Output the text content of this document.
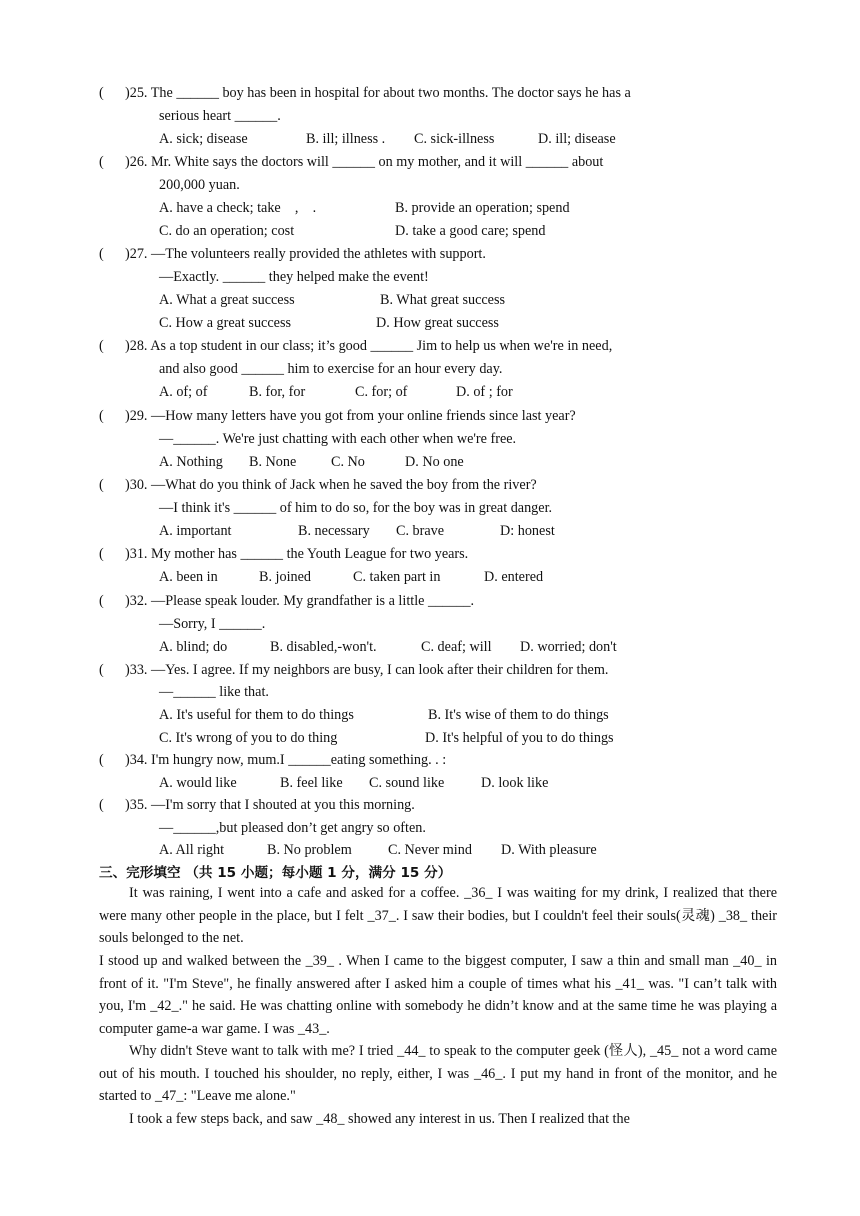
(      )25. The ______ boy has been in hospital for about two months. The doctor says he has a
serious heart ______.
A. sick; disease	B. ill; illness . C. sick-illness	D. ill; disease
(      )26. Mr. White says the doctors will ______ on my mother, and it will ______ about
200,000 yuan.
A. have a check; take    ,    .	B. provide an operation; spend
C. do an operation; cost	D. take a good care; spend
(      )27. —The volunteers really provided the athletes with support.
—Exactly. ______ they helped make the event!
A. What a great success	B. What great success
C. How a great success	D. How great success
(      )28. As a top student in our class; it’s good ______ Jim to help us when we're in need,
and also good ______ him to exercise for an hour every day.
A. of; of	B. for, for	C. for; of	D. of ; for
(      )29. —How many letters have you got from your online friends since last year?
—______. We're just chatting with each other when we're free.
A. Nothing B. None C. No	D. No one
(      )30. —What do you think of Jack when he saved the boy from the river?
—I think it's ______ of him to do so, for the boy was in great danger.
A. important	B. necessary C. brave	D: honest
(      )31. My mother has ______ the Youth League for two years.
A. been in	B. joined	C. taken part in	D. entered
(      )32. —Please speak louder. My grandfather is a little ______.
—Sorry, I ______.
A. blind; do	B. disabled,-won't.	C. deaf; will D. worried; don't
(      )33. —Yes. I agree. If my neighbors are busy, I can look after their children for them.
—______ like that.
A. It's useful for them to do things	B. It's wise of them to do things
C. It's wrong of you to do thing	D. It's helpful of you to do things
(      )34. I'm hungry now, mum.I ______eating something. . :
A. would like	B. feel like C. sound like	D. look like
(      )35. —I'm sorry that I shouted at you this morning.
—______,but pleased don’t get angry so often.
A. All right	B. No problem	C. Never mind D. With pleasure
三、完形填空 （共 15 小题；每小题 1 分，满分 15 分）
It was raining, I went into a cafe and asked for a coffee. _36_ I was waiting for my drink, I realized that there were many other people in the place, but I felt _37_. I saw their bodies, but I couldn't feel their souls(灵魂) _38_ their souls belonged to the net.
I stood up and walked between the _39_ . When I came to the biggest computer, I saw a thin and small man _40_ in front of it. "I'm Steve", he finally answered after I asked him a couple of times what his _41_ was. "I can’t talk with you, I'm _42_." he said. He was chatting online with somebody he didn’t know and at the same time he was playing a computer game-a war game. I was _43_.
Why didn't Steve want to talk with me? I tried _44_ to speak to the computer geek (怪人), _45_ not a word came out of his mouth. I touched his shoulder, no reply, either, I was _46_. I put my hand in front of the monitor, and he started to _47_: "Leave me alone."
I took a few steps back, and saw _48_ showed any interest in us. Then I realized that the
